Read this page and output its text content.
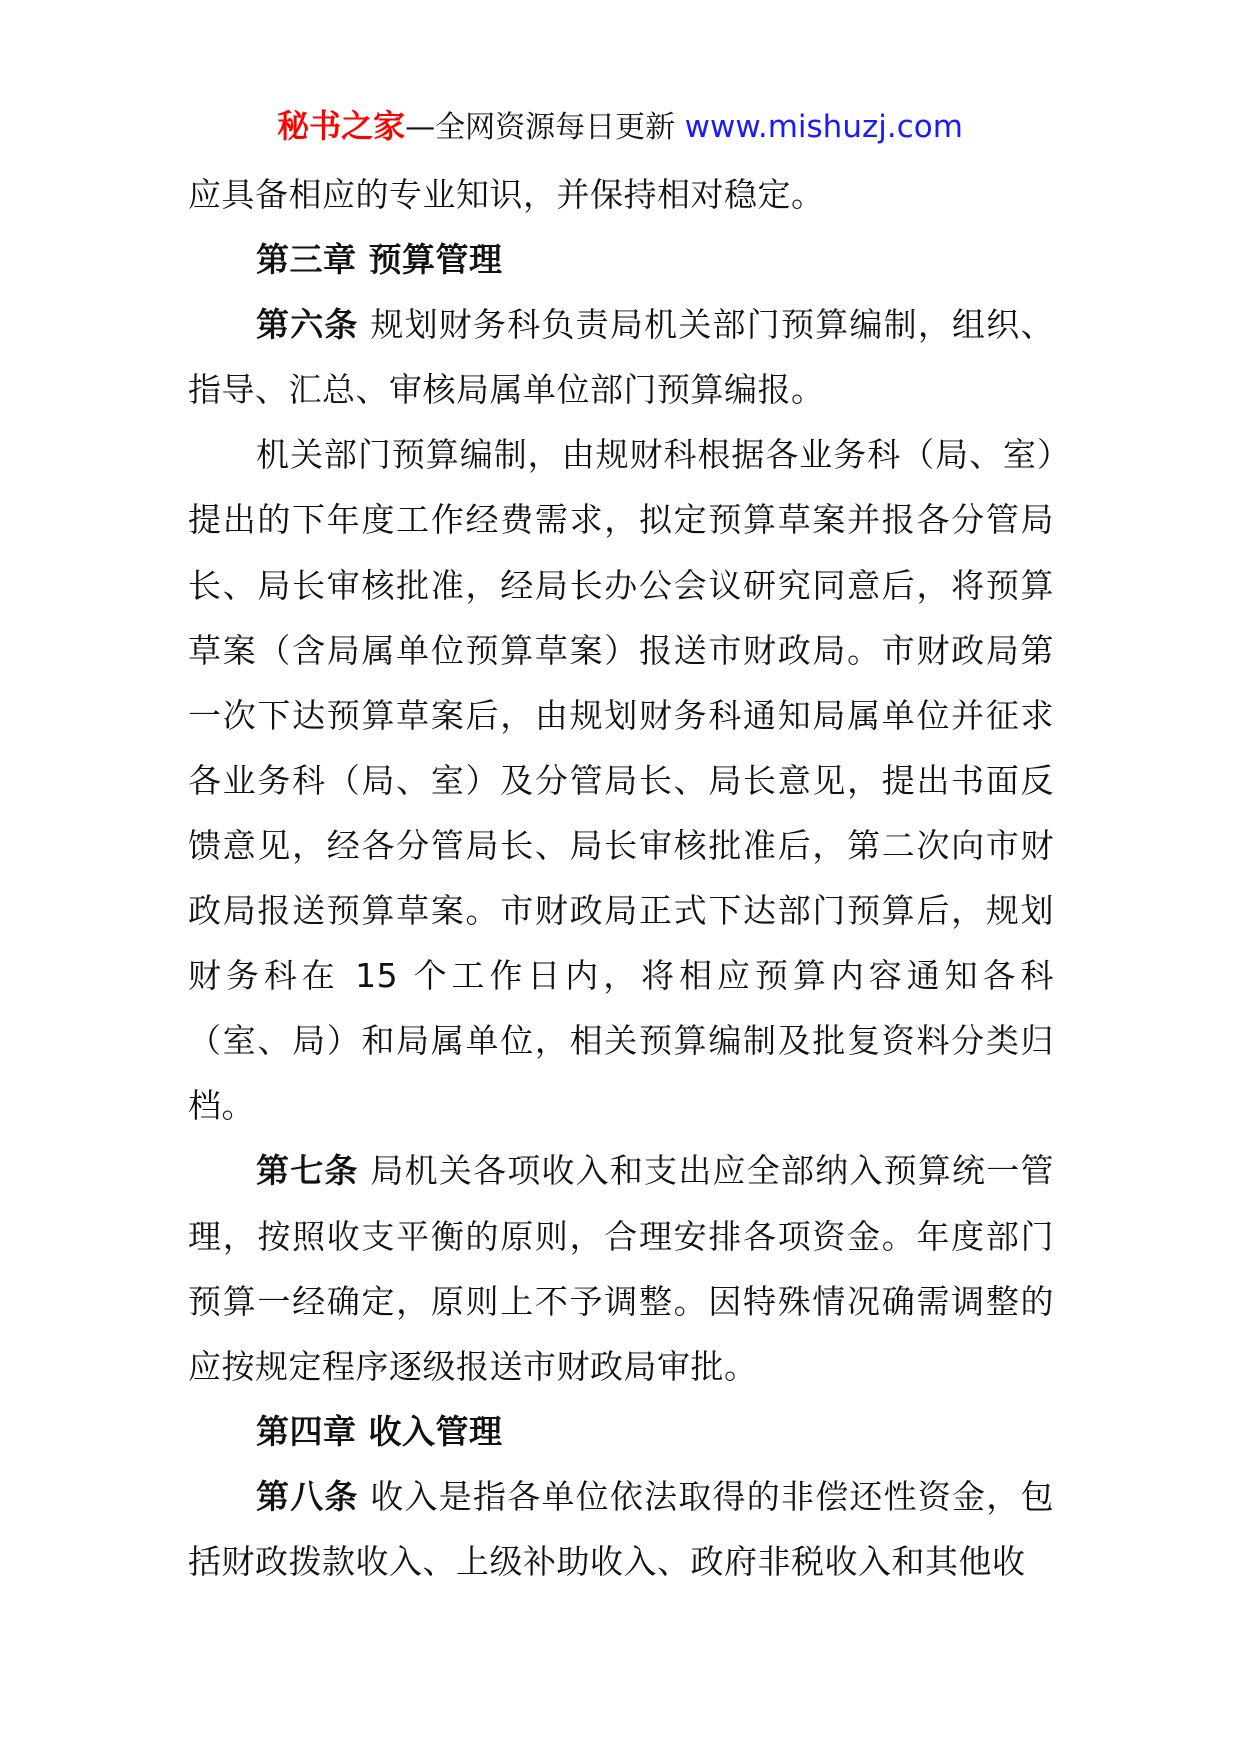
秘书之家—全网资源每日更新 www.mishuzj.com

应具备相应的专业知识，并保持相对稳定。

第三章 预算管理

第六条 规划财务科负责局机关部门预算编制，组织、指导、汇总、审核局属单位部门预算编报。

机关部门预算编制，由规财科根据各业务科（局、室）提出的下年度工作经费需求，拟定预算草案并报各分管局长、局长审核批准，经局长办公会议研究同意后，将预算草案（含局属单位预算草案）报送市财政局。市财政局第一次下达预算草案后，由规划财务科通知局属单位并征求各业务科（局、室）及分管局长、局长意见，提出书面反馈意见，经各分管局长、局长审核批准后，第二次向市财政局报送预算草案。市财政局正式下达部门预算后，规划财务科在 15 个工作日内，将相应预算内容通知各科（室、局）和局属单位，相关预算编制及批复资料分类归档。

第七条 局机关各项收入和支出应全部纳入预算统一管理，按照收支平衡的原则，合理安排各项资金。年度部门预算一经确定，原则上不予调整。因特殊情况确需调整的应按规定程序逐级报送市财政局审批。

第四章 收入管理

第八条 收入是指各单位依法取得的非偿还性资金，包括财政拨款收入、上级补助收入、政府非税收入和其他收
